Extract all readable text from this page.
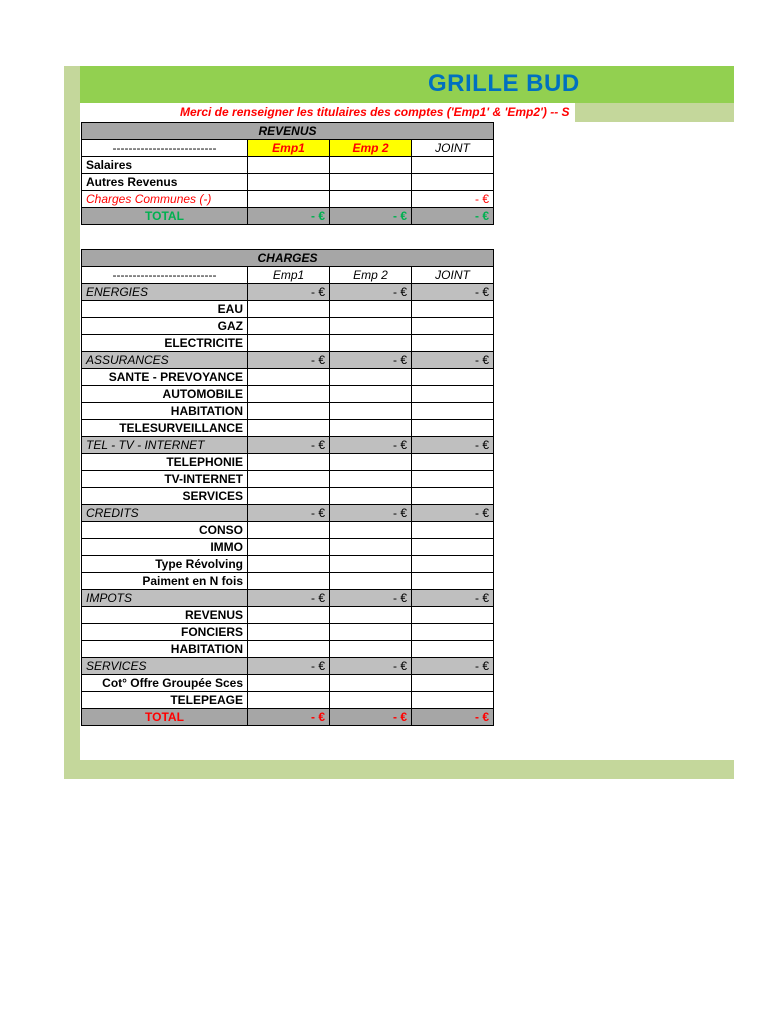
GRILLE BUD
Merci de renseigner les titulaires des comptes ('Emp1' & 'Emp2') -- S
REVENUS			
--------------------------	Emp1	Emp 2	JOINT
Salaires			
Autres Revenus			
Charges Communes (-)			- €
TOTAL	- €	- €	- €
CHARGES			
--------------------------	Emp1	Emp 2	JOINT
ENERGIES	- €	- €	- €
EAU			
GAZ			
ELECTRICITE			
ASSURANCES	- €	- €	- €
SANTE - PREVOYANCE			
AUTOMOBILE			
HABITATION			
TELESURVEILLANCE			
TEL - TV - INTERNET	- €	- €	- €
TELEPHONIE			
TV-INTERNET			
SERVICES			
CREDITS	- €	- €	- €
CONSO			
IMMO			
Type Révolving			
Paiment en N fois			
IMPOTS	- €	- €	- €
REVENUS			
FONCIERS			
HABITATION			
SERVICES	- €	- €	- €
Cot° Offre Groupée Sces			
TELEPEAGE			
TOTAL	- €	- €	- €
